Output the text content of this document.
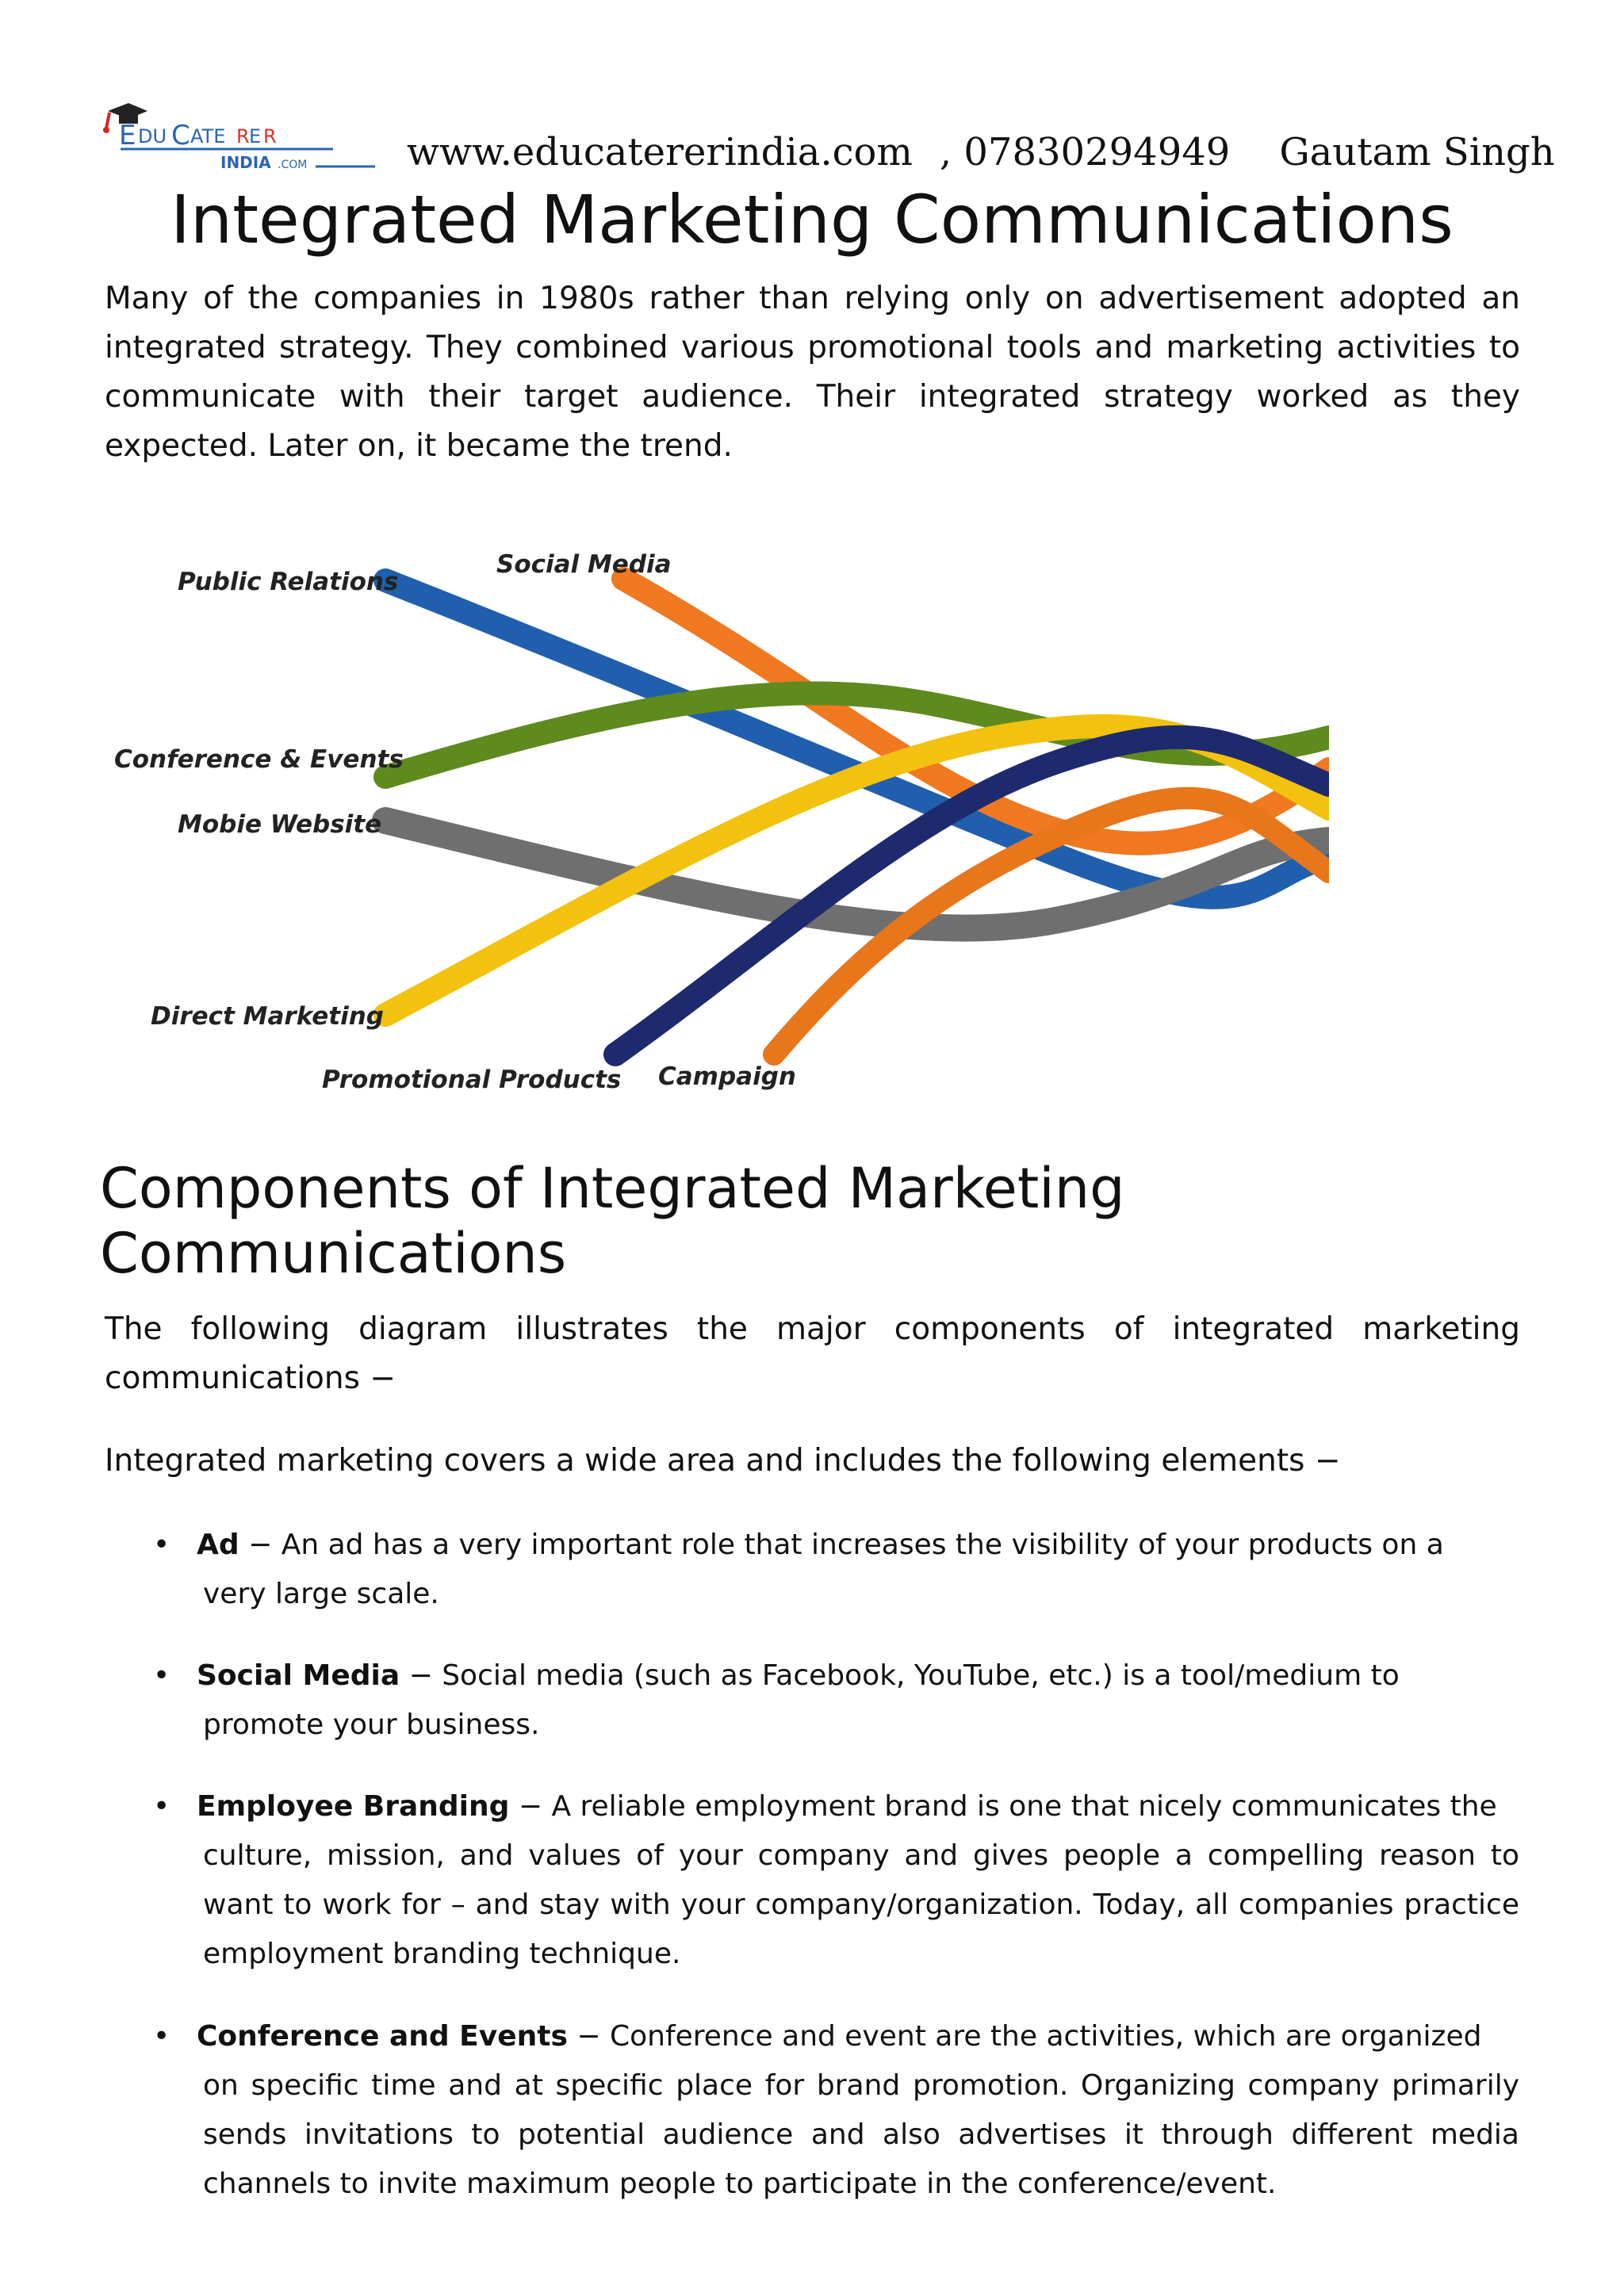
E DU C ATE R E R
INDIA .COM	www.educatererindia.com , 07830294949 Gautam Singh
Integrated Marketing Communications

Many of the companies in 1980s rather than relying only on advertisement adopted an integrated strategy. They combined various promotional tools and marketing activities to communicate with their target audience. Their integrated strategy worked as they expected. Later on, it became the trend.

Public Relations
Social Media
Conference & Events
Mobie Website
Direct Marketing
Promotional Products Campaign
Components of Integrated Marketing Communications

The following diagram illustrates the major components of integrated marketing communications −

Integrated marketing covers a wide area and includes the following elements −

• Ad − An ad has a very important role that increases the visibility of your products on a
very large scale.
• Social Media − Social media (such as Facebook, YouTube, etc.) is a tool/medium to
promote your business.
• Employee Branding − A reliable employment brand is one that nicely communicates the
culture, mission, and values of your company and gives people a compelling reason to want to work for – and stay with your company/organization. Today, all companies practice employment branding technique.
• Conference and Events − Conference and event are the activities, which are organized
on specific time and at specific place for brand promotion. Organizing company primarily sends invitations to potential audience and also advertises it through different media channels to invite maximum people to participate in the conference/event.
